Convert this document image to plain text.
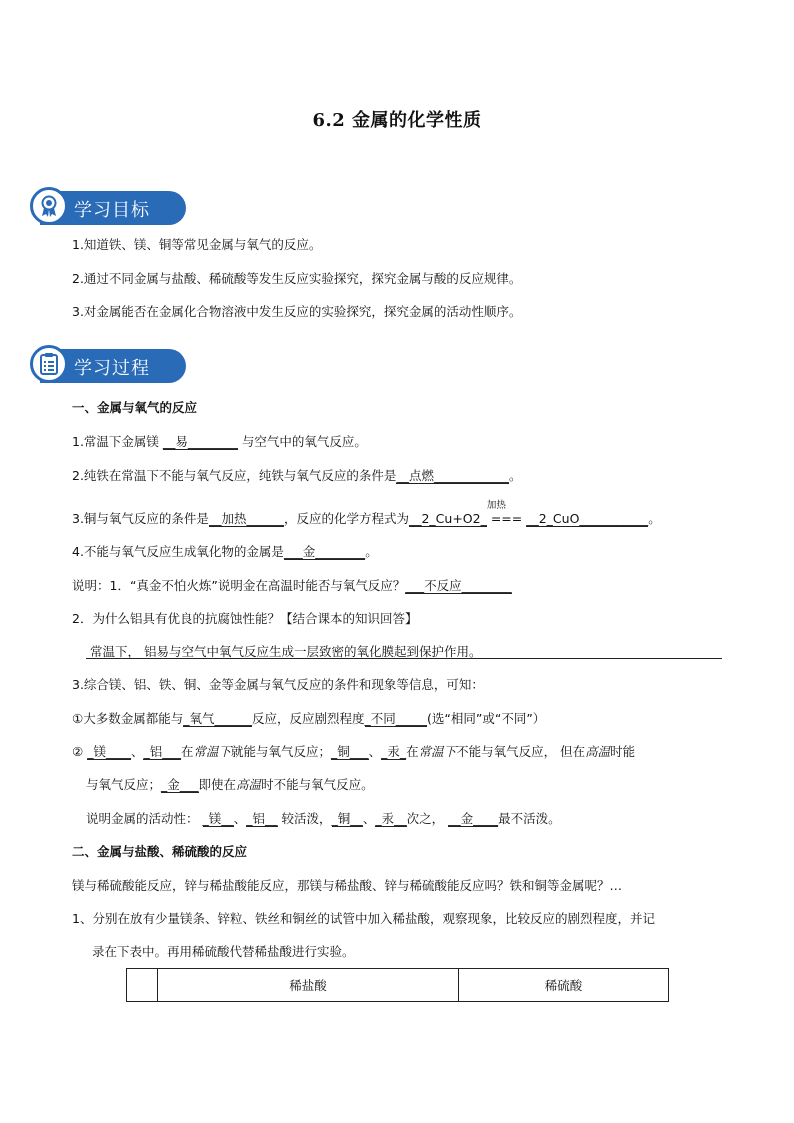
6.2 金属的化学性质
学习目标
1.知道铁、镁、铜等常见金属与氧气的反应。
2.通过不同金属与盐酸、稀硫酸等发生反应实验探究，探究金属与酸的反应规律。
3.对金属能否在金属化合物溶液中发生反应的实验探究，探究金属的活动性顺序。
学习过程
一、金属与氧气的反应
1.常温下金属镁 __易________ 与空气中的氧气反应。
2.纯铁在常温下不能与氧气反应，纯铁与氧气反应的条件是__点燃____________。
3.铜与氧气反应的条件是__加热______，反应的化学方程式为__2_Cu+O2_
加热
=== __2_CuO___________。
4.不能与氧气反应生成氧化物的金属是___金________。
说明：1．“真金不怕火炼”说明金在高温时能否与氧气反应？___不反应________
2．为什么铝具有优良的抗腐蚀性能？【结合课本的知识回答】
常温下， 铝易与空气中氧气反应生成一层致密的氧化膜起到保护作用。
3.综合镁、铝、铁、铜、金等金属与氧气反应的条件和现象等信息，可知：
①大多数金属都能与_氧气______反应，反应剧烈程度_不同_____(选“相同”或“不同”）
② _镁____、_铝___在常温下就能与氧气反应；_铜___、_汞_在常温下不能与氧气反应， 但在高温时能
与氧气反应；_金___即使在高温时不能与氧气反应。
说明金属的活动性： _镁__、_铝__ 较活泼，_铜__、_汞__次之， __金____最不活泼。
二、金属与盐酸、稀硫酸的反应
镁与稀硫酸能反应，锌与稀盐酸能反应，那镁与稀盐酸、锌与稀硫酸能反应吗？铁和铜等金属呢？…
1、分别在放有少量镁条、锌粒、铁丝和铜丝的试管中加入稀盐酸，观察现象，比较反应的剧烈程度，并记
录在下表中。再用稀硫酸代替稀盐酸进行实验。
	稀盐酸	稀硫酸
